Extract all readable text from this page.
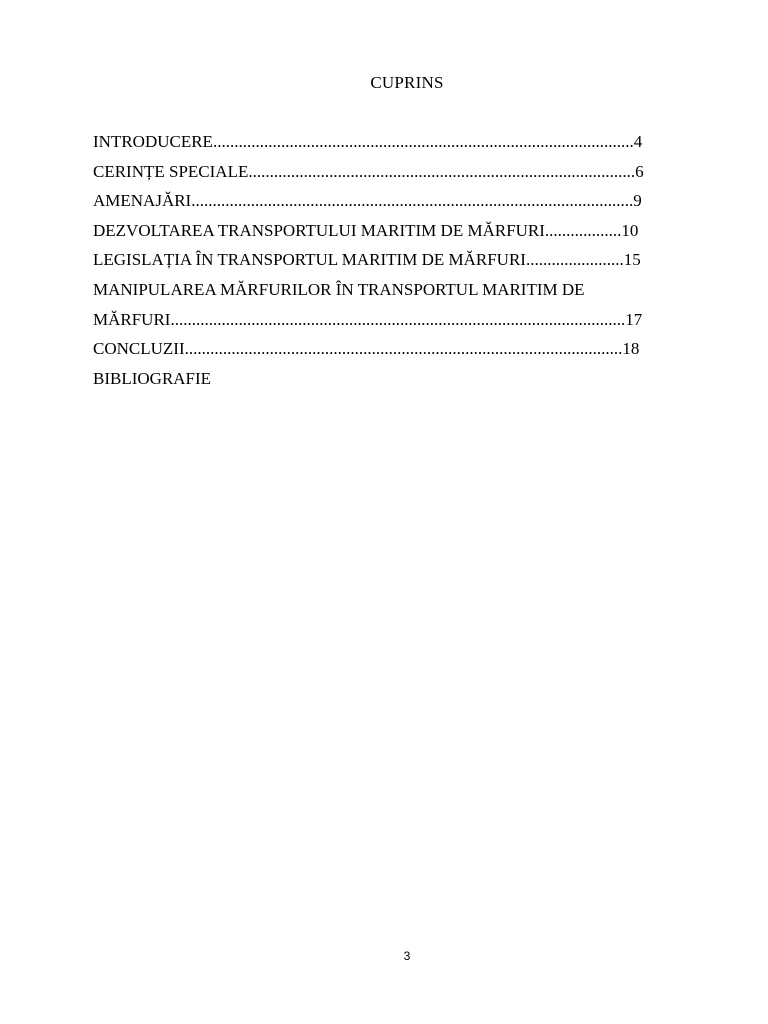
CUPRINS
INTRODUCERE...................................................................................................4
CERINȚE SPECIALE...........................................................................................6
AMENAJĂRI........................................................................................................9
DEZVOLTAREA TRANSPORTULUI MARITIM DE MĂRFURI..................10
LEGISLAȚIA ÎN TRANSPORTUL MARITIM DE MĂRFURI.......................15
MANIPULAREA MĂRFURILOR ÎN TRANSPORTUL MARITIM DE
MĂRFURI...........................................................................................................17
CONCLUZII.......................................................................................................18
BIBLIOGRAFIE
3
